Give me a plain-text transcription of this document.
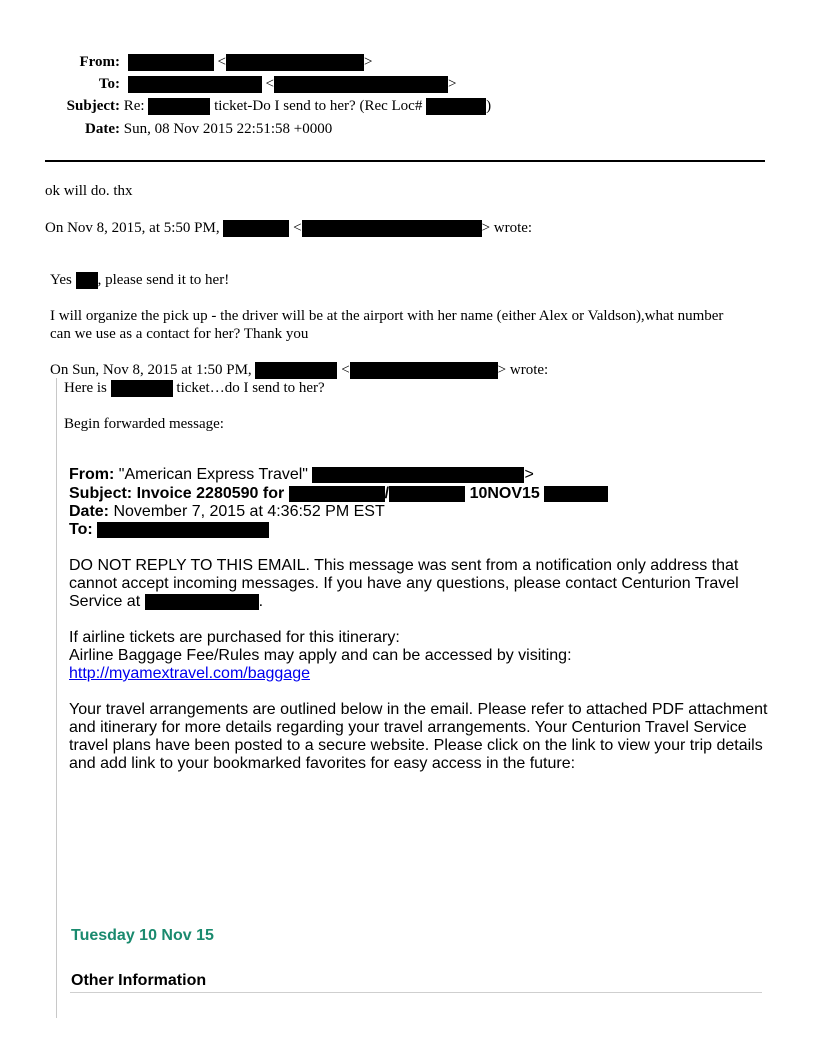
From:	<	>
To:	<	>
Subject: Re:	ticket-Do I send to her? (Rec Loc#	)
Date: Sun, 08 Nov 2015 22:51:58 +0000
ok will do. thx
On Nov 8, 2015, at 5:50 PM,	<	> wrote:
Yes , please send it to her!

I will organize the pick up - the driver will be at the airport with her name (either Alex or Valdson),what number can we use as a contact for her? Thank you

On Sun, Nov 8, 2015 at 1:50 PM,	<	> wrote:
Here is	ticket…do I send to her?
Begin forwarded message:
From: "American Express Travel"	>
Subject: Invoice 2280590 for	/	10NOV15
Date: November 7, 2015 at 4:36:52 PM EST
To:

DO NOT REPLY TO THIS EMAIL. This message was sent from a notification only address that cannot accept incoming messages. If you have any questions, please contact Centurion Travel Service at	.

If airline tickets are purchased for this itinerary:
Airline Baggage Fee/Rules may apply and can be accessed by visiting:
http://myamextravel.com/baggage

Your travel arrangements are outlined below in the email. Please refer to attached PDF attachment and itinerary for more details regarding your travel arrangements. Your Centurion Travel Service travel plans have been posted to a secure website. Please click on the link to view your trip details and add link to your bookmarked favorites for easy access in the future:

Tuesday 10 Nov 15
Other Information
